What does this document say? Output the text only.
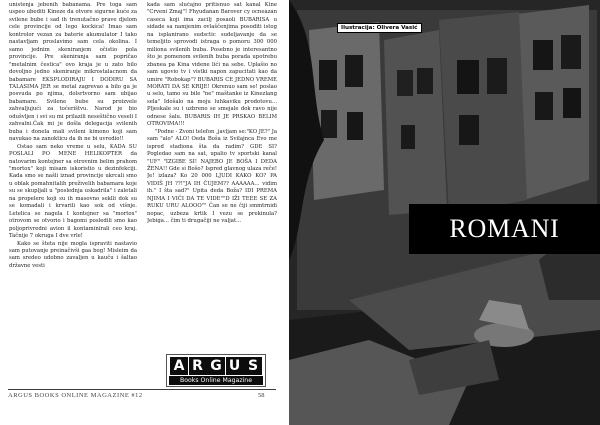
unistenja jebenih babanama. Pre toga sam uspeo ubediti Kineze da otvore sigurne kuće za svilene bube i sad ih trenutačno prave djelom cele provincije od lego kockica! Imao sam kontrolor vezan za baterie akumulator I tako nastavljam proslavimo sam cela okolina. I samo jednim skeniranjem očistio pola provincije. Pre skeniranja sam popričao "metalnim čestica" ovo kraja je u zato bilo dovoljno jedno skeniranje mikrostalacnom da babamare EKSPLODIRAJU I DODIRU SA TALASIMA JER se metal zagrevao a bilo ga je posvuda po njima, dolsrtvorno sam ubijao babamare. Svilene bube su proizvele zahvaljujući za toćerištvu. Narod je bio odušvljen i svi su mi prilazili neseštično veseli I zahvalni.Čak mi je došla delegacija svilenih buba i donela mali svileni kimono koji sam navukao na zanokticu da ih ne bi uvredio!!

Ostao sam neko vreme u selu, KADA SU POSLALI PO MENE HELIKOPTER da natovarim kontejner sa otrovnim belim prahom "mortox" koji misam iskoristio u dezinfekciji. Kada smo se našli iznad provincije ukrcali smo u oblak pomahnitalih preživelih babamara koje su se skupljali u "poslednja uskadrila" i zaletali na propelere koji su ih masovno seklli dok su se komadali i krvarili kao sok od višnje. Letelica se nagela I kontejner sa "mortox" otrovom se otvorio i bagomi posledili smo kao poljoprivredni avion il kontaminirali ceo kraj. Tačnije 7 okruga I dve vrle!

Kako se šteta nije mogla ispraviti nastavio sam putovanje preinačivši gaa bog! Misleim da sam sredeo udobno zavaljen u kauču i šaltao državne vesti

kada sam slučajno pritisnuo sat kanal Kine "Crveni Zmaj"! Fhyudanan Barover cy ocneazan caseca koji ima zacilj posaoli BUBARISA u sidade sa namjenim ovlaščenjima posoditi istog na isplanirano sudsctic sudeljavanje da se temeljito sprovodi istraga o pomoru 300 000 miliona svilenih buba. Posebno je interesantno što je pomenom svilenih buba porada upotrebu zbanea pa Kina videne lići na sebe. Uplašio no sam ugovio tv i vistki napon zapucitati kao da umire "Robokap"? BUBARIS CE JEDNO VREME MORATI DA SE KRIJE! Okrenuo sam se! poslao u selo, tamo su bile "ne" maštanke iz Kinezlang sela" Idošalo na moju luhkaviku prodotovu... Pljeskale su i uzbreno se smejale dok ravo nije odnese šalu. BUBARIS IH JE PRSKAO BELIM OTROVIMA!!!

"Podne - Zvoni telefon ,javljam se:"KO JE?" Ja sam "alo" ALO! Oeda Boša iz Svilajnca Evo me ispred stadiona šta da radim? GDE SI? Pogledao sam na sat, upalio tv sportski kanal "UF" "IZGIBE SI! NAJEBO JE BOŠA I DEDA ŽENA!! Gde si Bošo? Ispred glavnog ulaza reče! Je! izlaza? Ko 20 000 LJUDI KAKO KO? PA VIDIŠ JH ??!"JA IH ČUJEM?? AAAAAA... vidim ih." I šta sad?" Upita deda Boža? IDI PREMA NJIMA I VIČI DA TE VIDE""D IŽI TEEE SE ZA RUKU URU ALOOO"" Čan se ne čiji smmtrnidi nopac, uzbeza krtik I vezu se prekinula? Jebiga... čim ti drugačiji ne valjat...

A R G U S
Books Online Magazine
ARGUS BOOKS ONLINE MAGAZINE #12	58
Ilustracija: Olivera Vasić
ROMANI
